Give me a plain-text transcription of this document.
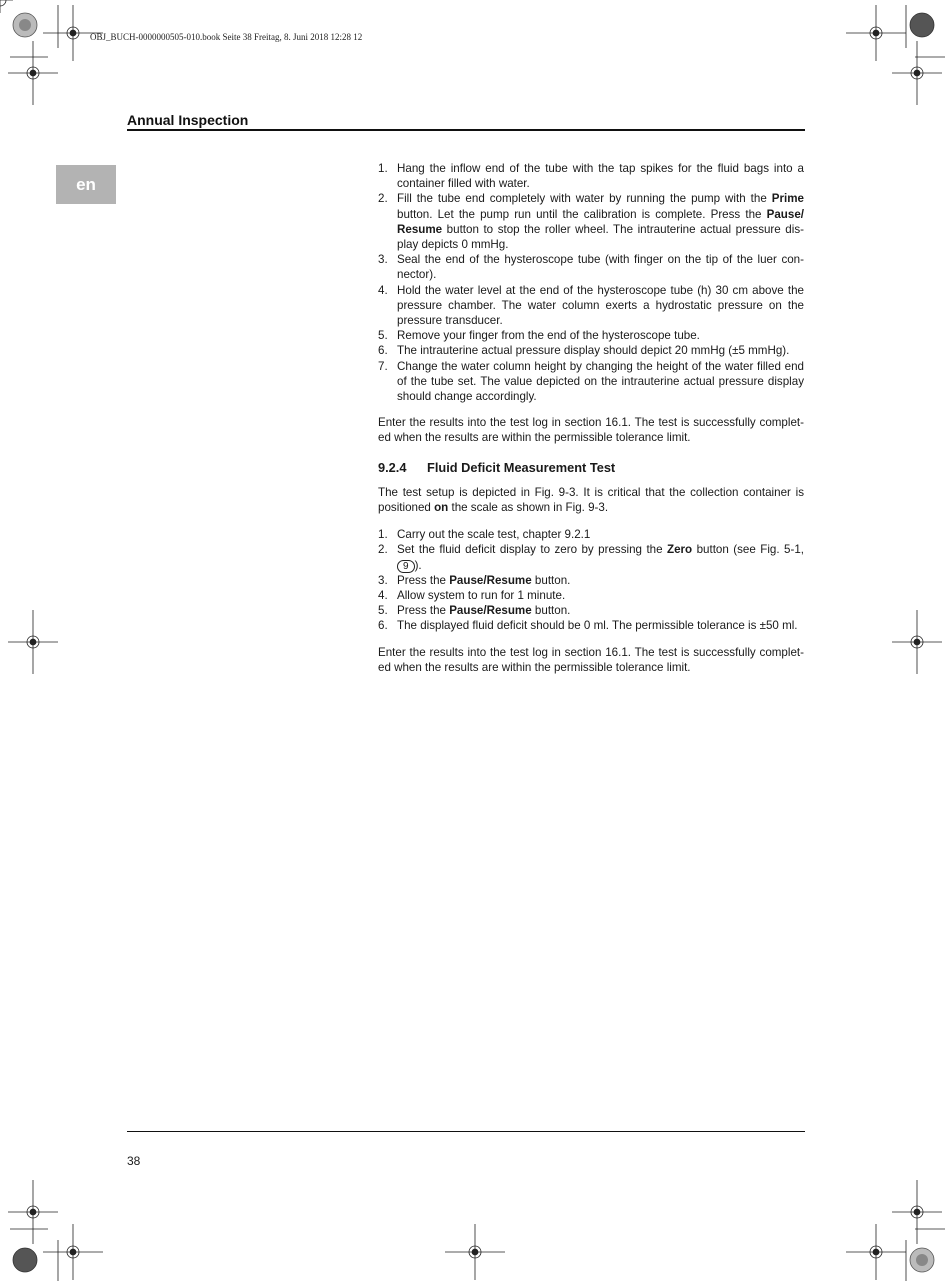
OBJ_BUCH-0000000505-010.book Seite 38 Freitag, 8. Juni 2018 12:28 12
Annual Inspection
en
1. Hang the inflow end of the tube with the tap spikes for the fluid bags into a container filled with water.
2. Fill the tube end completely with water by running the pump with the Prime button. Let the pump run until the calibration is complete. Press the Pause/ Resume button to stop the roller wheel. The intrauterine actual pressure dis-play depicts 0 mmHg.
3. Seal the end of the hysteroscope tube (with finger on the tip of the luer con-nector).
4. Hold the water level at the end of the hysteroscope tube (h) 30 cm above the pressure chamber. The water column exerts a hydrostatic pressure on the pressure transducer.
5. Remove your finger from the end of the hysteroscope tube.
6. The intrauterine actual pressure display should depict 20 mmHg (±5 mmHg).
7. Change the water column height by changing the height of the water filled end of the tube set. The value depicted on the intrauterine actual pressure display should change accordingly.

Enter the results into the test log in section 16.1. The test is successfully complet-ed when the results are within the permissible tolerance limit.

9.2.4	Fluid Deficit Measurement Test

The test setup is depicted in Fig. 9-3. It is critical that the collection container is positioned on the scale as shown in Fig. 9-3.

1. Carry out the scale test, chapter 9.2.1
2. Set the fluid deficit display to zero by pressing the Zero button (see Fig. 5-1, 9 ).
3. Press the Pause/Resume button.
4. Allow system to run for 1 minute.
5. Press the Pause/Resume button.
6. The displayed fluid deficit should be 0 ml. The permissible tolerance is ±50 ml.

Enter the results into the test log in section 16.1. The test is successfully complet-ed when the results are within the permissible tolerance limit.

38
